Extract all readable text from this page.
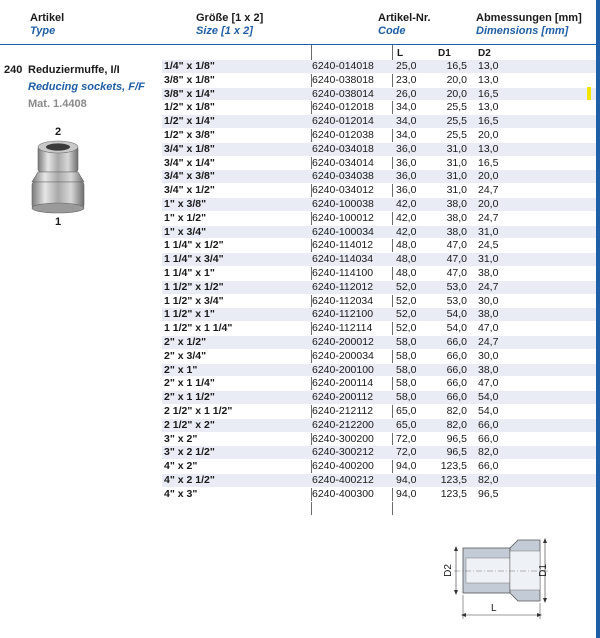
Artikel
Type
Größe [1 x 2]
Size [1 x 2]
Artikel-Nr.
Code
Abmessungen [mm]
Dimensions [mm]
240 Reduziermuffe, I/I
Reducing sockets, F/F
Mat. 1.4408
2
1
L	D1	D2
1/4" x 1/8"	6240-014018 25,0	16,5 13,0
3/8" x 1/8"	6240-038018 23,0	20,0 13,0
3/8" x 1/4"	6240-038014 26,0	20,0 16,5
1/2" x 1/8"	6240-012018 34,0	25,5 13,0
1/2" x 1/4"	6240-012014 34,0	25,5 16,5
1/2" x 3/8"	6240-012038 34,0	25,5 20,0
3/4" x 1/8"	6240-034018 36,0	31,0 13,0
3/4" x 1/4"	6240-034014 36,0	31,0 16,5
3/4" x 3/8"	6240-034038 36,0	31,0 20,0
3/4" x 1/2"	6240-034012 36,0	31,0 24,7
1" x 3/8"	6240-100038 42,0	38,0 20,0
1" x 1/2"	6240-100012 42,0	38,0 24,7
1" x 3/4"	6240-100034 42,0	38,0 31,0
1 1/4" x 1/2"	6240-114012 48,0	47,0 24,5
1 1/4" x 3/4"	6240-114034 48,0	47,0 31,0
1 1/4" x 1"	6240-114100 48,0	47,0 38,0
1 1/2" x 1/2"	6240-112012 52,0	53,0 24,7
1 1/2" x 3/4"	6240-112034 52,0	53,0 30,0
1 1/2" x 1"	6240-112100 52,0	54,0 38,0
1 1/2" x 1 1/4"	6240-112114 52,0	54,0 47,0
2" x 1/2"	6240-200012 58,0	66,0 24,7
2" x 3/4"	6240-200034 58,0	66,0 30,0
2" x 1"	6240-200100 58,0	66,0 38,0
2" x 1 1/4"	6240-200114 58,0	66,0 47,0
2" x 1 1/2"	6240-200112 58,0	66,0 54,0
2 1/2" x 1 1/2"	6240-212112 65,0	82,0 54,0
2 1/2" x 2"	6240-212200 65,0	82,0 66,0
3" x 2"	6240-300200 72,0	96,5 66,0
3" x 2 1/2"	6240-300212 72,0	96,5 82,0
4" x 2"	6240-400200 94,0 123,5 66,0
4" x 2 1/2"	6240-400212 94,0 123,5 82,0
4" x 3"	6240-400300 94,0 123,5 96,5
D2	D1
L
